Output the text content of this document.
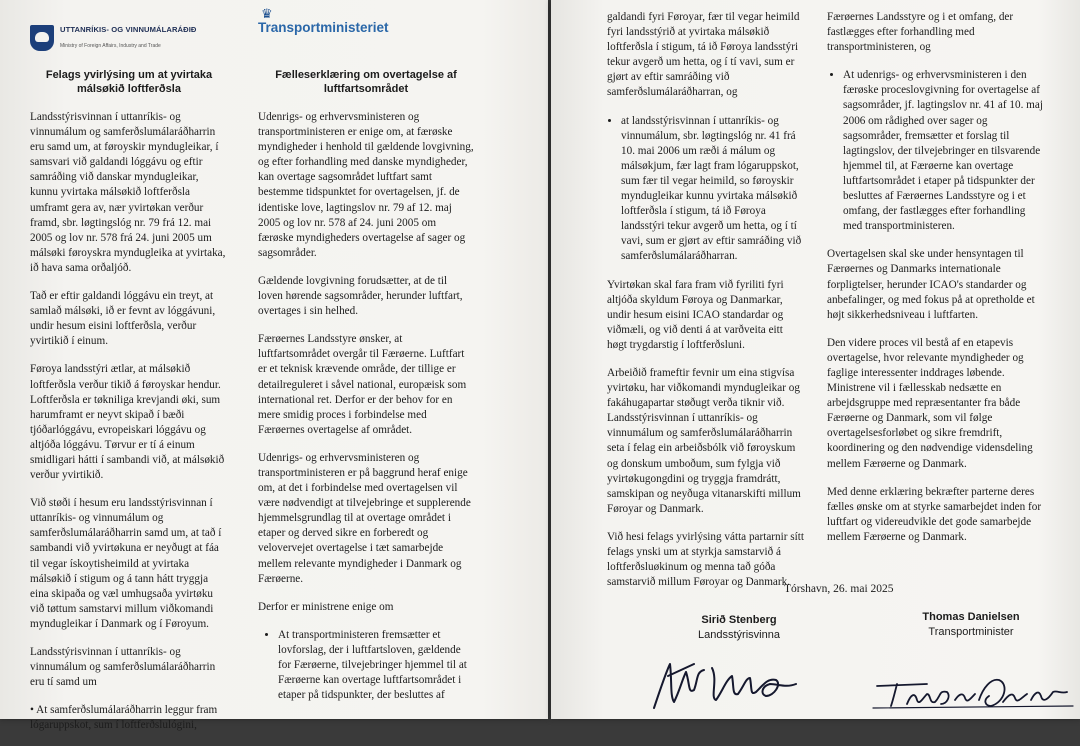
UTTANRÍKIS- OG VINNUMÁLARÁÐIÐ
Ministry of Foreign Affairs, Industry and Trade
Felags yvirlýsing um at yvirtaka málsøkið loftferðsla

Landsstýrisvinnan í uttanríkis- og vinnumálum og samferðslumálaráðharrin eru samd um, at føroyskir myndugleikar, í samsvari við galdandi lóggávu og eftir samráðing við danskar myndugleikar, kunnu yvirtaka málsøkið loftferðsla umframt gera av, nær yvirtøkan verður framd, sbr. løgtingslóg nr. 79 frá 12. mai 2005 og lov nr. 578 frá 24. juni 2005 um málsøki føroyskra myndugleika at yvirtaka, ið hava sama orðaljóð.

Tað er eftir galdandi lóggávu ein treyt, at samlað málsøki, ið er fevnt av lóggávuni, undir hesum eisini loftferðsla, verður yvirtikið í einum.

Føroya landsstýri ætlar, at málsøkið loftferðsla verður tikið á føroyskar hendur. Loftferðsla er tøkniliga krevjandi øki, sum harumframt er neyvt skipað í bæði tjóðarlóggávu, evropeiskari lóggávu og altjóða lóggávu. Tørvur er tí á einum smidligari hátti í sambandi við, at málsøkið verður yvirtikið.

Við støði í hesum eru landsstýrisvinnan í uttanríkis- og vinnumálum og samferðslumálaráðharrin samd um, at tað í sambandi við yvirtøkuna er neyðugt at fáa til vegar ískoytisheimild at yvirtaka málsøkið í stigum og á tann hátt tryggja eina skipaða og væl umhugsaða yvirtøku við tøttum samstarvi millum viðkomandi myndugleikar í Danmark og í Føroyum.

Landsstýrisvinnan í uttanríkis- og vinnumálum og samferðslumálaráðharrin eru tí samd um

• At samferðslumálaráðharrin leggur fram lógaruppskot, sum í loftferðslulógini,
♛
Transportministeriet
Fælleserklæring om overtagelse af luftfartsområdet

Udenrigs- og erhvervsministeren og transportministeren er enige om, at færøske myndigheder i henhold til gældende lovgivning, og efter forhandling med danske myndigheder, kan overtage sagsområdet luftfart samt bestemme tidspunktet for overtagelsen, jf. de identiske love, lagtingslov nr. 79 af 12. maj 2005 og lov nr. 578 af 24. juni 2005 om færøske myndigheders overtagelse af sager og sagsområder.

Gældende lovgivning forudsætter, at de til loven hørende sagsområder, herunder luftfart, overtages i sin helhed.

Færøernes Landsstyre ønsker, at luftfartsområdet overgår til Færøerne. Luftfart er et teknisk krævende område, der tillige er detailreguleret i såvel national, europæisk som international ret. Derfor er der behov for en mere smidig proces i forbindelse med Færøernes overtagelse af området.

Udenrigs- og erhvervsministeren og transportministeren er på baggrund heraf enige om, at det i forbindelse med overtagelsen vil være nødvendigt at tilvejebringe et supplerende hjemmelsgrundlag til at overtage området i etaper og derved sikre en forberedt og velovervejet overtagelse i tæt samarbejde mellem relevante myndigheder i Danmark og Færøerne.

Derfor er ministrene enige om

• At transportministeren fremsætter et lovforslag, der i luftfartsloven, gældende for Færøerne, tilvejebringer hjemmel til at Færøerne kan overtage luftfartsområdet i etaper på tidspunkter, der besluttes af

galdandi fyri Føroyar, fær til vegar heimild fyri landsstýrið at yvirtaka málsøkið loftferðsla í stigum, tá ið Føroya landsstýri tekur avgerð um hetta, og í tí vavi, sum er gjørt av eftir samráðing við samferðslumálaráðharran, og

• at landsstýrisvinnan í uttanríkis- og vinnumálum, sbr. løgtingslóg nr. 41 frá 10. mai 2006 um ræði á málum og málsøkjum, fær lagt fram lógaruppskot, sum fær til vegar heimild, so føroyskir myndugleikar kunnu yvirtaka málsøkið loftferðsla í stigum, tá ið Føroya landsstýri tekur avgerð um hetta, og í tí vavi, sum er gjørt av eftir samráðing við samferðslumálaráðharran.

Yvirtøkan skal fara fram við fyriliti fyri altjóða skyldum Føroya og Danmarkar, undir hesum eisini ICAO standardar og viðmæli, og við denti á at varðveita eitt høgt trygdarstig í loftferðsluni.

Arbeiðið frameftir fevnir um eina stigvísa yvirtøku, har viðkomandi myndugleikar og fakáhugapartar støðugt verða tiknir við. Landsstýrisvinnan í uttanríkis- og vinnumálum og samferðslumálaráðharrin seta í felag ein arbeiðsbólk við føroyskum og donskum umboðum, sum fylgja við yvirtøkugongdini og tryggja framdrátt, samskipan og neyðuga vitanarskifti millum Føroyar og Danmark.

Við hesi felags yvirlýsing vátta partarnir sítt felags ynski um at styrkja samstarvið á loftferðsluøkinum og menna tað góða samstarvið millum Føroyar og Danmark.

Færøernes Landsstyre og i et omfang, der fastlægges efter forhandling med transportministeren, og

• At udenrigs- og erhvervsministeren i den færøske proceslovgivning for overtagelse af sagsområder, jf. lagtingslov nr. 41 af 10. maj 2006 om rådighed over sager og sagsområder, fremsætter et forslag til lagtingslov, der tilvejebringer en tilsvarende hjemmel til, at Færøerne kan overtage luftfartsområdet i etaper på tidspunkter der besluttes af Færøernes Landsstyre og i et omfang, der fastlægges efter forhandling med transportministeren.

Overtagelsen skal ske under hensyntagen til Færøernes og Danmarks internationale forpligtelser, herunder ICAO's standarder og anbefalinger, og med fokus på at opretholde et højt sikkerhedsniveau i luftfarten.

Den videre proces vil bestå af en etapevis overtagelse, hvor relevante myndigheder og faglige interessenter inddrages løbende. Ministrene vil i fællesskab nedsætte en arbejdsgruppe med repræsentanter fra både Færøerne og Danmark, som vil følge overtagelsesforløbet og sikre fremdrift, koordinering og den nødvendige vidensdeling mellem Færøerne og Danmark.

Med denne erklæring bekræfter parterne deres fælles ønske om at styrke samarbejdet inden for luftfart og videreudvikle det gode samarbejde mellem Færøerne og Danmark.

Tórshavn, 26. mai 2025
Sirið Stenberg
Landsstýrisvinna
Thomas Danielsen
Transportminister
